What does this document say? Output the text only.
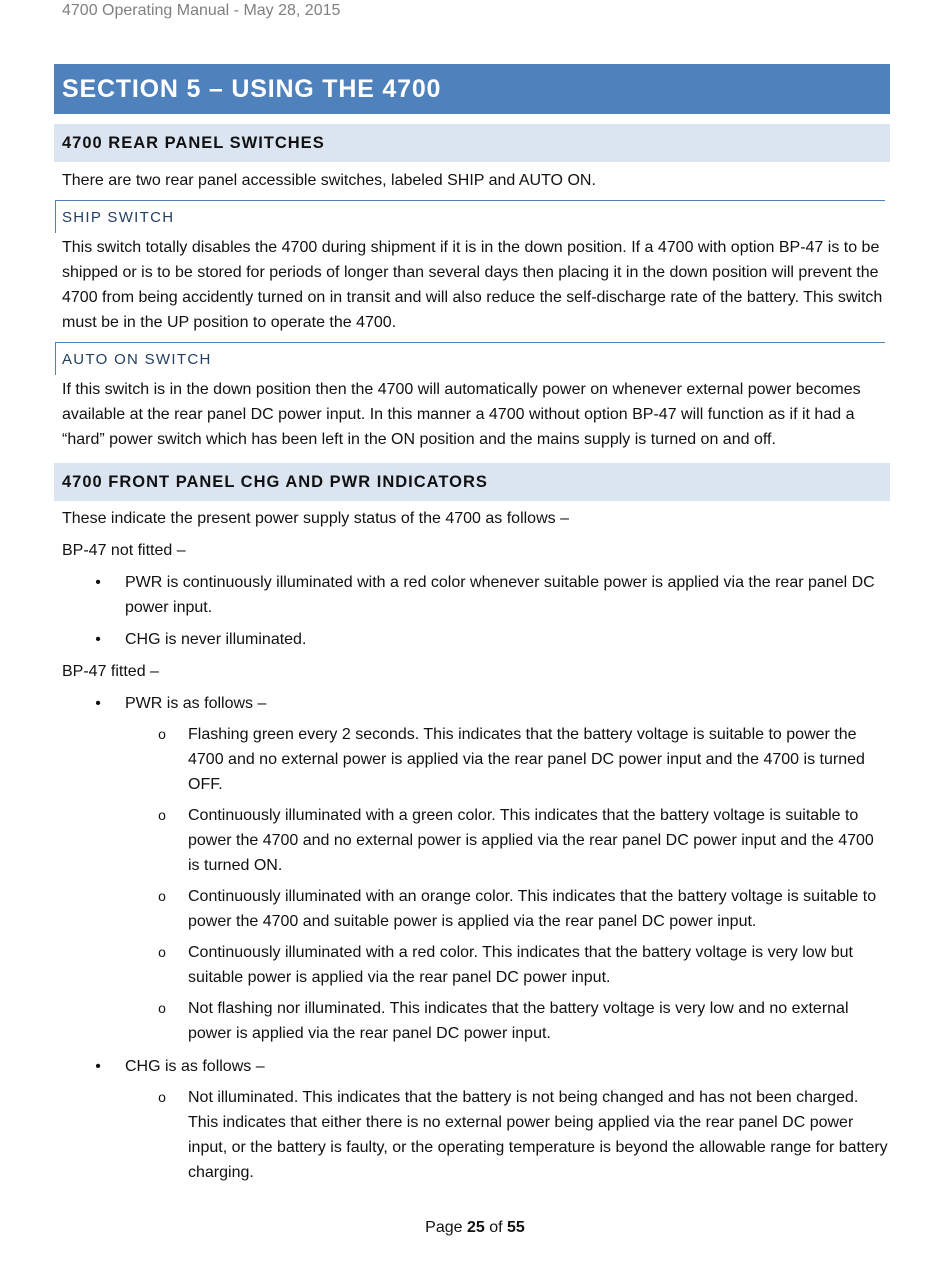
4700 Operating Manual - May 28, 2015
SECTION 5 – USING THE 4700
4700 REAR PANEL SWITCHES

There are two rear panel accessible switches, labeled SHIP and AUTO ON.

SHIP SWITCH

This switch totally disables the 4700 during shipment if it is in the down position. If a 4700 with option BP-47 is to be shipped or is to be stored for periods of longer than several days then placing it in the down position will prevent the 4700 from being accidently turned on in transit and will also reduce the self-discharge rate of the battery. This switch must be in the UP position to operate the 4700.

AUTO ON SWITCH

If this switch is in the down position then the 4700 will automatically power on whenever external power becomes available at the rear panel DC power input. In this manner a 4700 without option BP-47 will function as if it had a “hard” power switch which has been left in the ON position and the mains supply is turned on and off.

4700 FRONT PANEL CHG AND PWR INDICATORS

These indicate the present power supply status of the 4700 as follows –

BP-47 not fitted –

•	PWR is continuously illuminated with a red color whenever suitable power is applied via the rear panel DC power input.

•	CHG is never illuminated.

BP-47 fitted –

•	PWR is as follows –

o Flashing green every 2 seconds. This indicates that the battery voltage is suitable to power the 4700 and no external power is applied via the rear panel DC power input and the 4700 is turned OFF.

o Continuously illuminated with a green color. This indicates that the battery voltage is suitable to power the 4700 and no external power is applied via the rear panel DC power input and the 4700 is turned ON.

o Continuously illuminated with an orange color. This indicates that the battery voltage is suitable to power the 4700 and suitable power is applied via the rear panel DC power input.

o Continuously illuminated with a red color. This indicates that the battery voltage is very low but suitable power is applied via the rear panel DC power input.

o Not flashing nor illuminated. This indicates that the battery voltage is very low and no external power is applied via the rear panel DC power input.

•	CHG is as follows –

o Not illuminated. This indicates that the battery is not being changed and has not been charged. This indicates that either there is no external power being applied via the rear panel DC power input, or the battery is faulty, or the operating temperature is beyond the allowable range for battery charging.

Page 25 of 55
